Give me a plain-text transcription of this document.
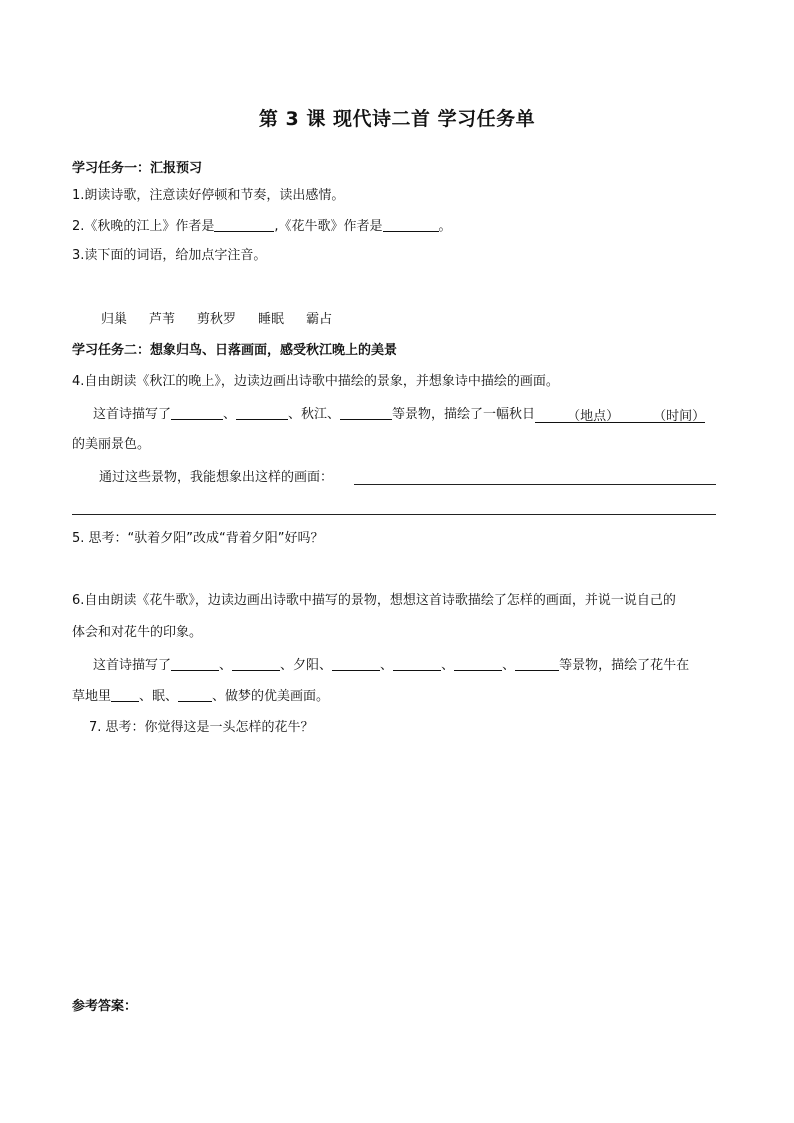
第 3 课 现代诗二首 学习任务单
学习任务一：汇报预习
1.朗读诗歌，注意读好停顿和节奏，读出感情。
2.《秋晚的江上》作者是	,《花牛歌》作者是	。
3.读下面的词语，给加点字注音。
归巢 芦苇 剪秋罗 睡眠 霸占
学习任务二：想象归鸟、日落画面，感受秋江晚上的美景
4.自由朗读《秋江的晚上》，边读边画出诗歌中描绘的景象，并想象诗中描绘的画面。
这首诗描写了	、	、秋江、	等景物，描绘了一幅秋日 （地点）	（时间）
的美丽景色。
通过这些景物，我能想象出这样的画面：
5. 思考：“驮着夕阳”改成“背着夕阳”好吗？
6.自由朗读《花牛歌》，边读边画出诗歌中描写的景物，想想这首诗歌描绘了怎样的画面，并说一说自己的
体会和对花牛的印象。
这首诗描写了	、	、夕阳、	、	、	、	等景物，描绘了花牛在
草地里 、眠、	、做梦的优美画面。
7. 思考：你觉得这是一头怎样的花牛？
参考答案：
